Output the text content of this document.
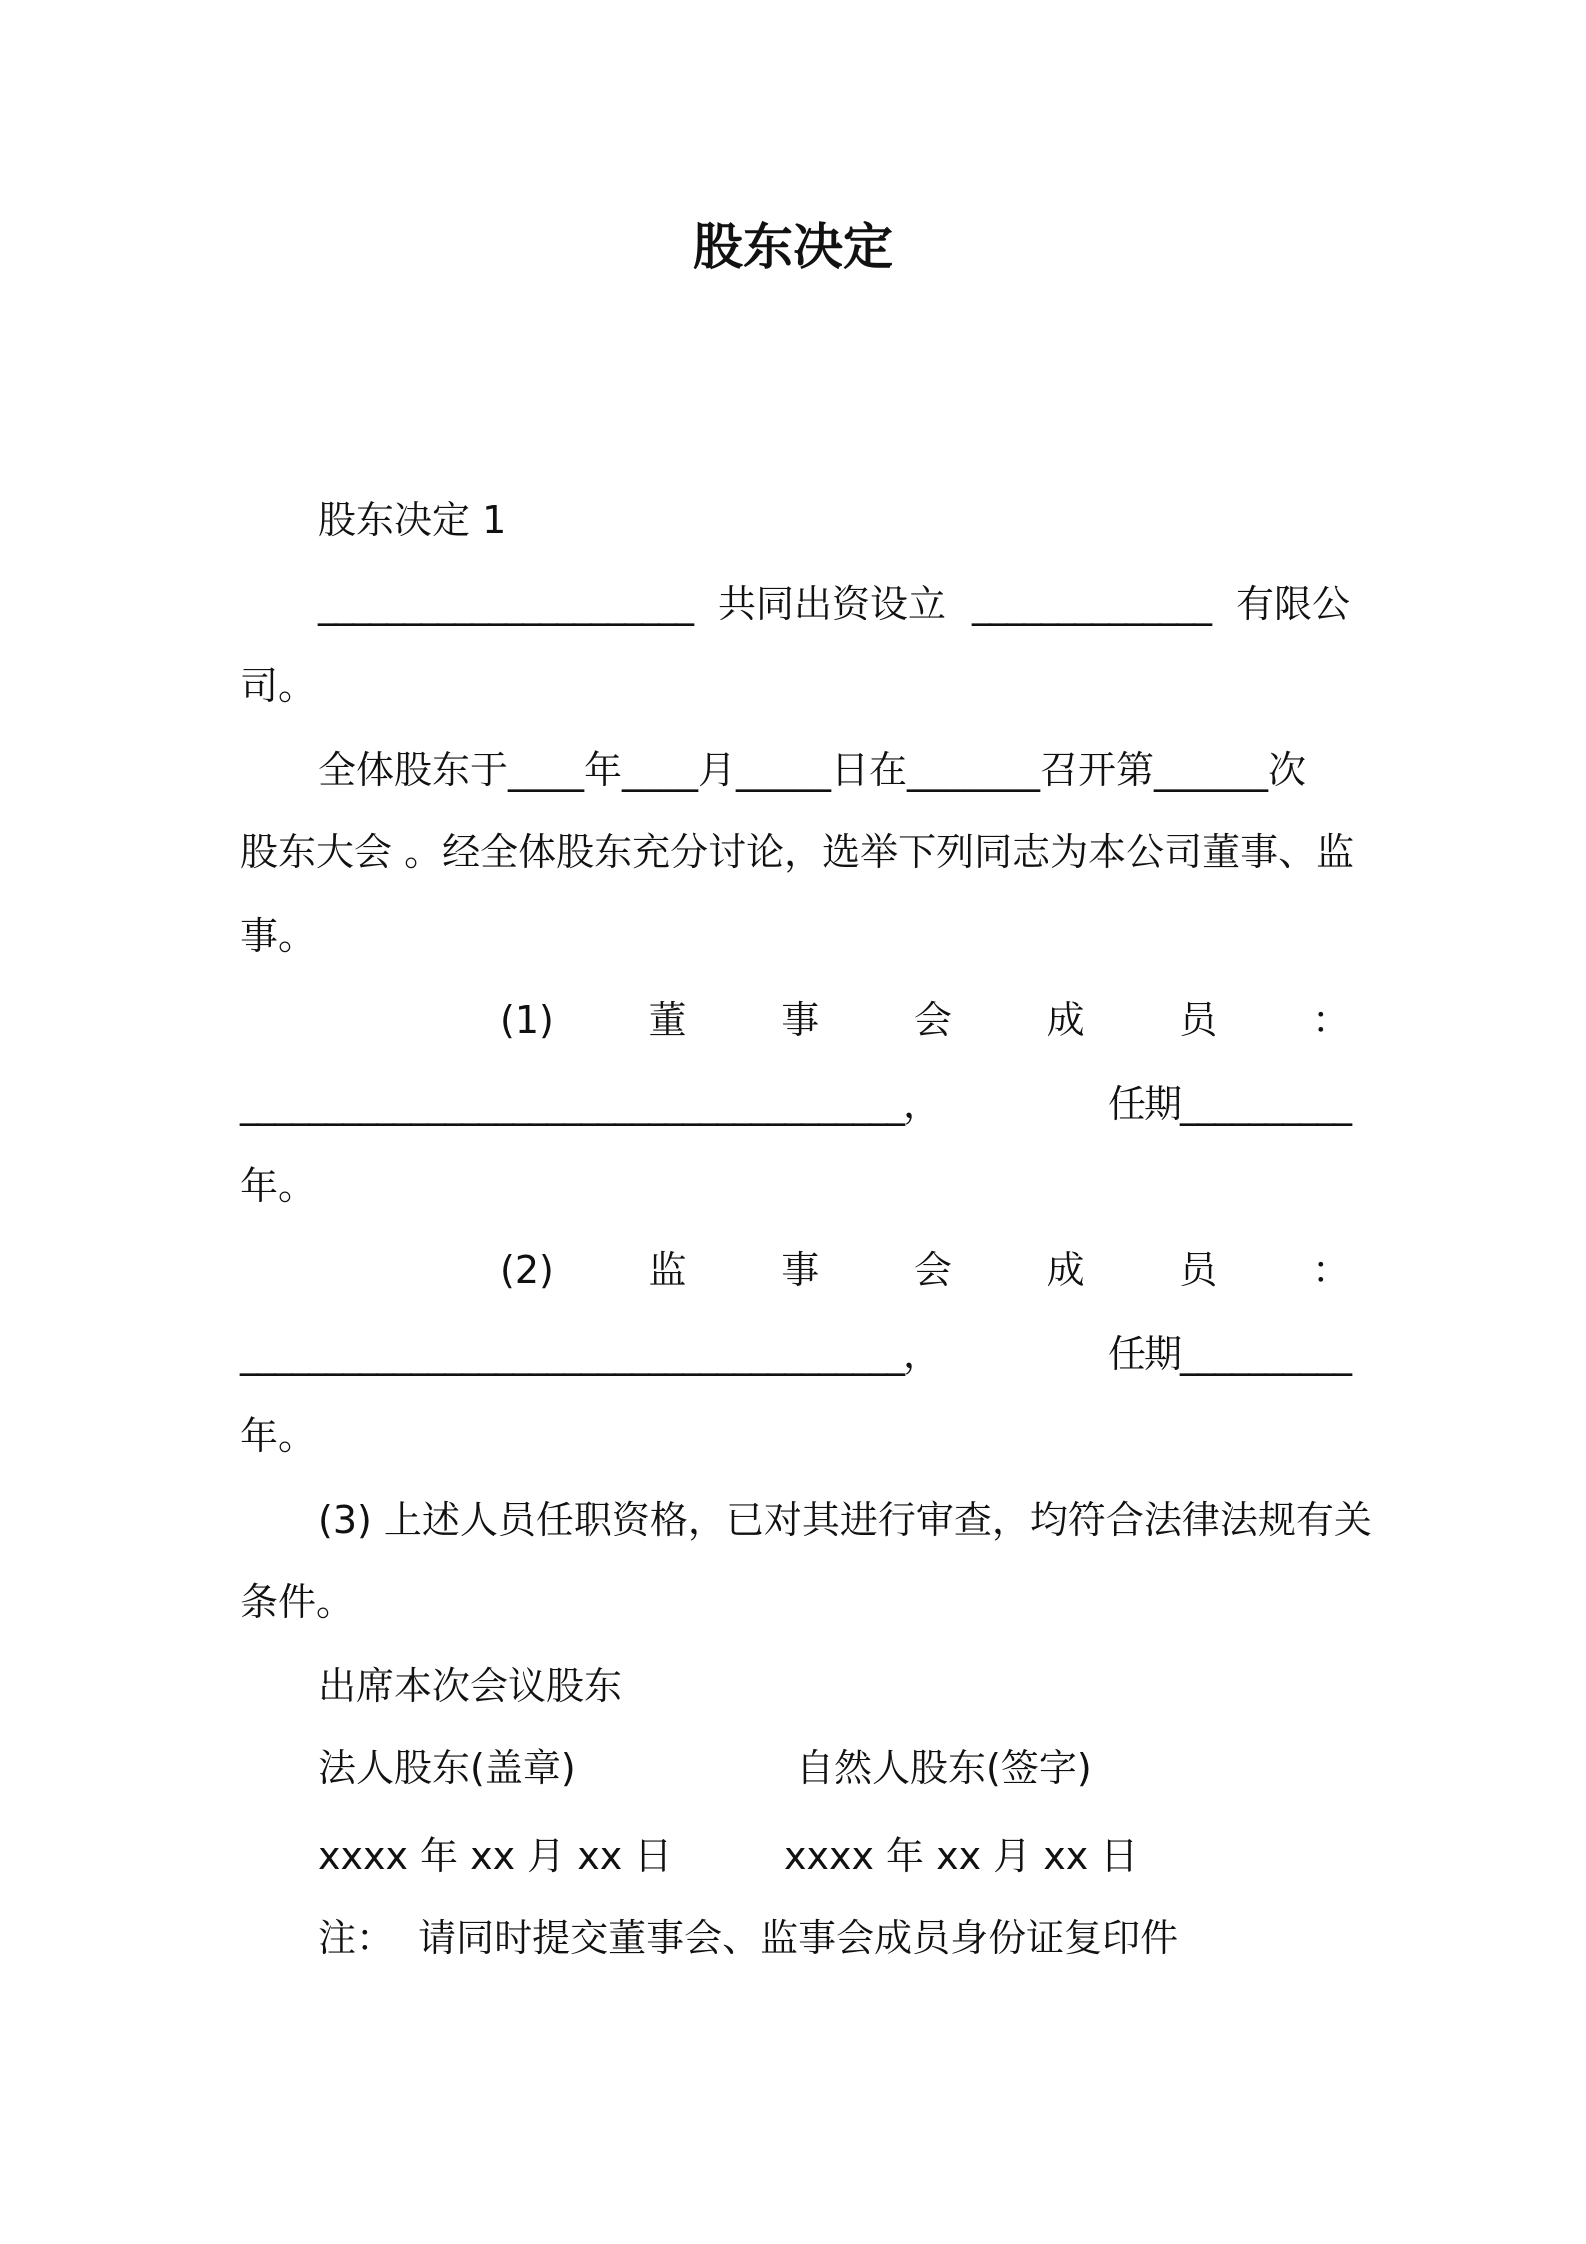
股东决定
股东决定 1
______________________ 共同出资设立 ______________ 有限公
司。
全体股东于____年____月_____日在_______召开第______次
股东大会 。经全体股东充分讨论，选举下列同志为本公司董事、监
事。
(1) 董 事 会 成 员 ：
_______________________________________，	任期__________
年。
(2) 监 事 会 成 员 ：
_______________________________________，	任期__________
年。
(3) 上述人员任职资格，已对其进行审查，均符合法律法规有关
条件。
出席本次会议股东
法人股东(盖章)	自然人股东(签字)
xxxx 年 xx 月 xx 日	xxxx 年 xx 月 xx 日
注：  请同时提交董事会、监事会成员身份证复印件
